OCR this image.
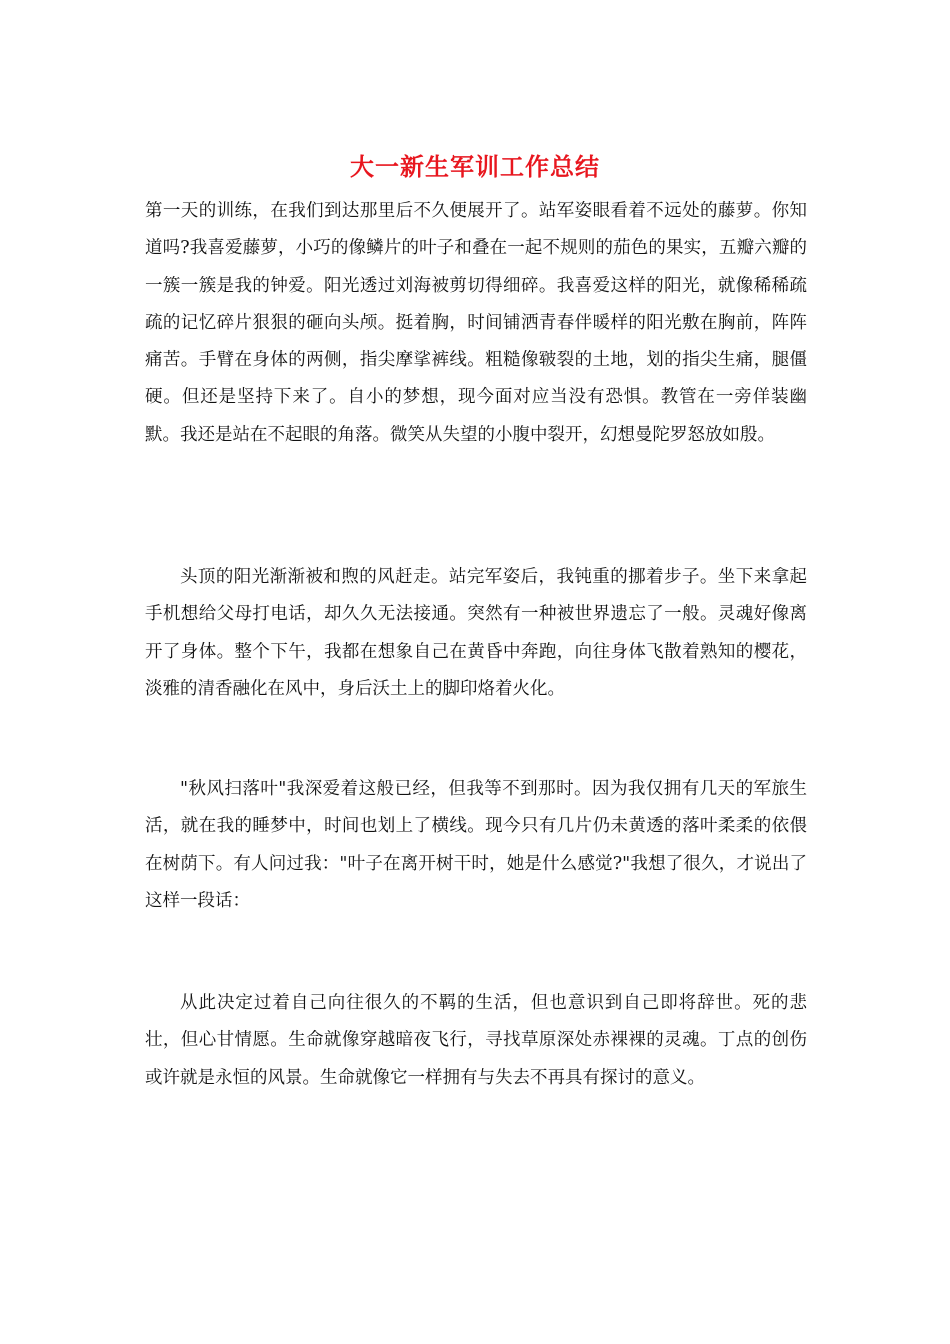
大一新生军训工作总结

第一天的训练，在我们到达那里后不久便展开了。站军姿眼看着不远处的藤萝。你知道吗?我喜爱藤萝，小巧的像鳞片的叶子和叠在一起不规则的茄色的果实，五瓣六瓣的一簇一簇是我的钟爱。阳光透过刘海被剪切得细碎。我喜爱这样的阳光，就像稀稀疏疏的记忆碎片狠狠的砸向头颅。挺着胸，时间铺洒青春伴暖样的阳光敷在胸前，阵阵痛苦。手臂在身体的两侧，指尖摩挲裤线。粗糙像皲裂的土地，划的指尖生痛，腿僵硬。但还是坚持下来了。自小的梦想，现今面对应当没有恐惧。教管在一旁佯装幽默。我还是站在不起眼的角落。微笑从失望的小腹中裂开，幻想曼陀罗怒放如殷。

头顶的阳光渐渐被和煦的风赶走。站完军姿后，我钝重的挪着步子。坐下来拿起手机想给父母打电话，却久久无法接通。突然有一种被世界遗忘了一般。灵魂好像离开了身体。整个下午，我都在想象自己在黄昏中奔跑，向往身体飞散着熟知的樱花，淡雅的清香融化在风中，身后沃土上的脚印烙着火化。

"秋风扫落叶"我深爱着这般已经，但我等不到那时。因为我仅拥有几天的军旅生活，就在我的睡梦中，时间也划上了横线。现今只有几片仍未黄透的落叶柔柔的依偎在树荫下。有人问过我："叶子在离开树干时，她是什么感觉?"我想了很久，才说出了这样一段话：

从此决定过着自己向往很久的不羁的生活，但也意识到自己即将辞世。死的悲壮，但心甘情愿。生命就像穿越暗夜飞行，寻找草原深处赤裸裸的灵魂。丁点的创伤或许就是永恒的风景。生命就像它一样拥有与失去不再具有探讨的意义。
